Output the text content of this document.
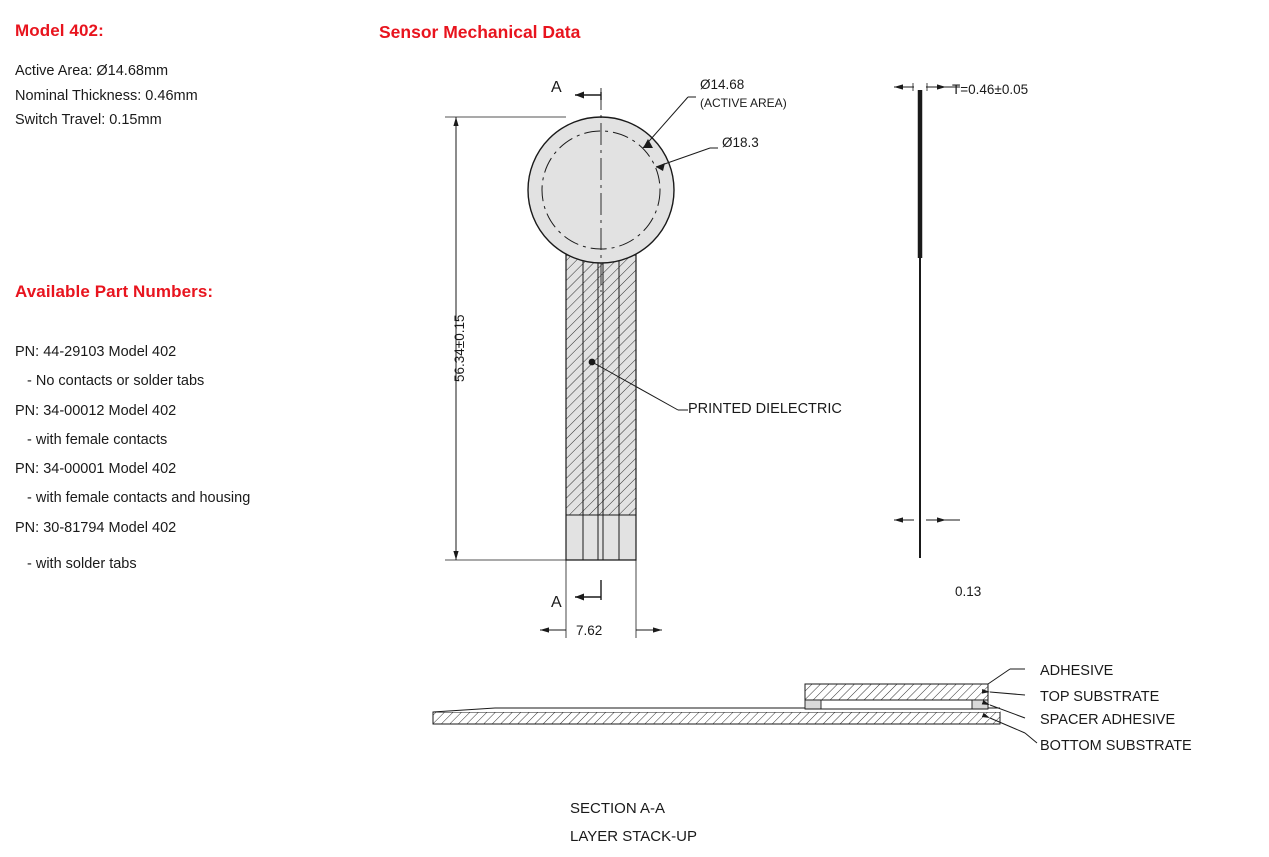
Model 402:
Active Area: Ø14.68mm
Nominal Thickness: 0.46mm
Switch Travel: 0.15mm
Available Part Numbers:
PN: 44-29103 Model 402
- No contacts or solder tabs
PN: 34-00012 Model 402
- with female contacts
PN: 34-00001 Model 402
- with female contacts and housing
PN: 30-81794 Model 402
- with solder tabs
Sensor Mechanical Data
A
A
Ø14.68
(ACTIVE AREA)
Ø18.3
PRINTED DIELECTRIC
56.34±0.15
7.62
T=0.46±0.05
0.13
ADHESIVE
TOP SUBSTRATE
SPACER ADHESIVE
BOTTOM SUBSTRATE
SECTION A-A
LAYER STACK-UP
